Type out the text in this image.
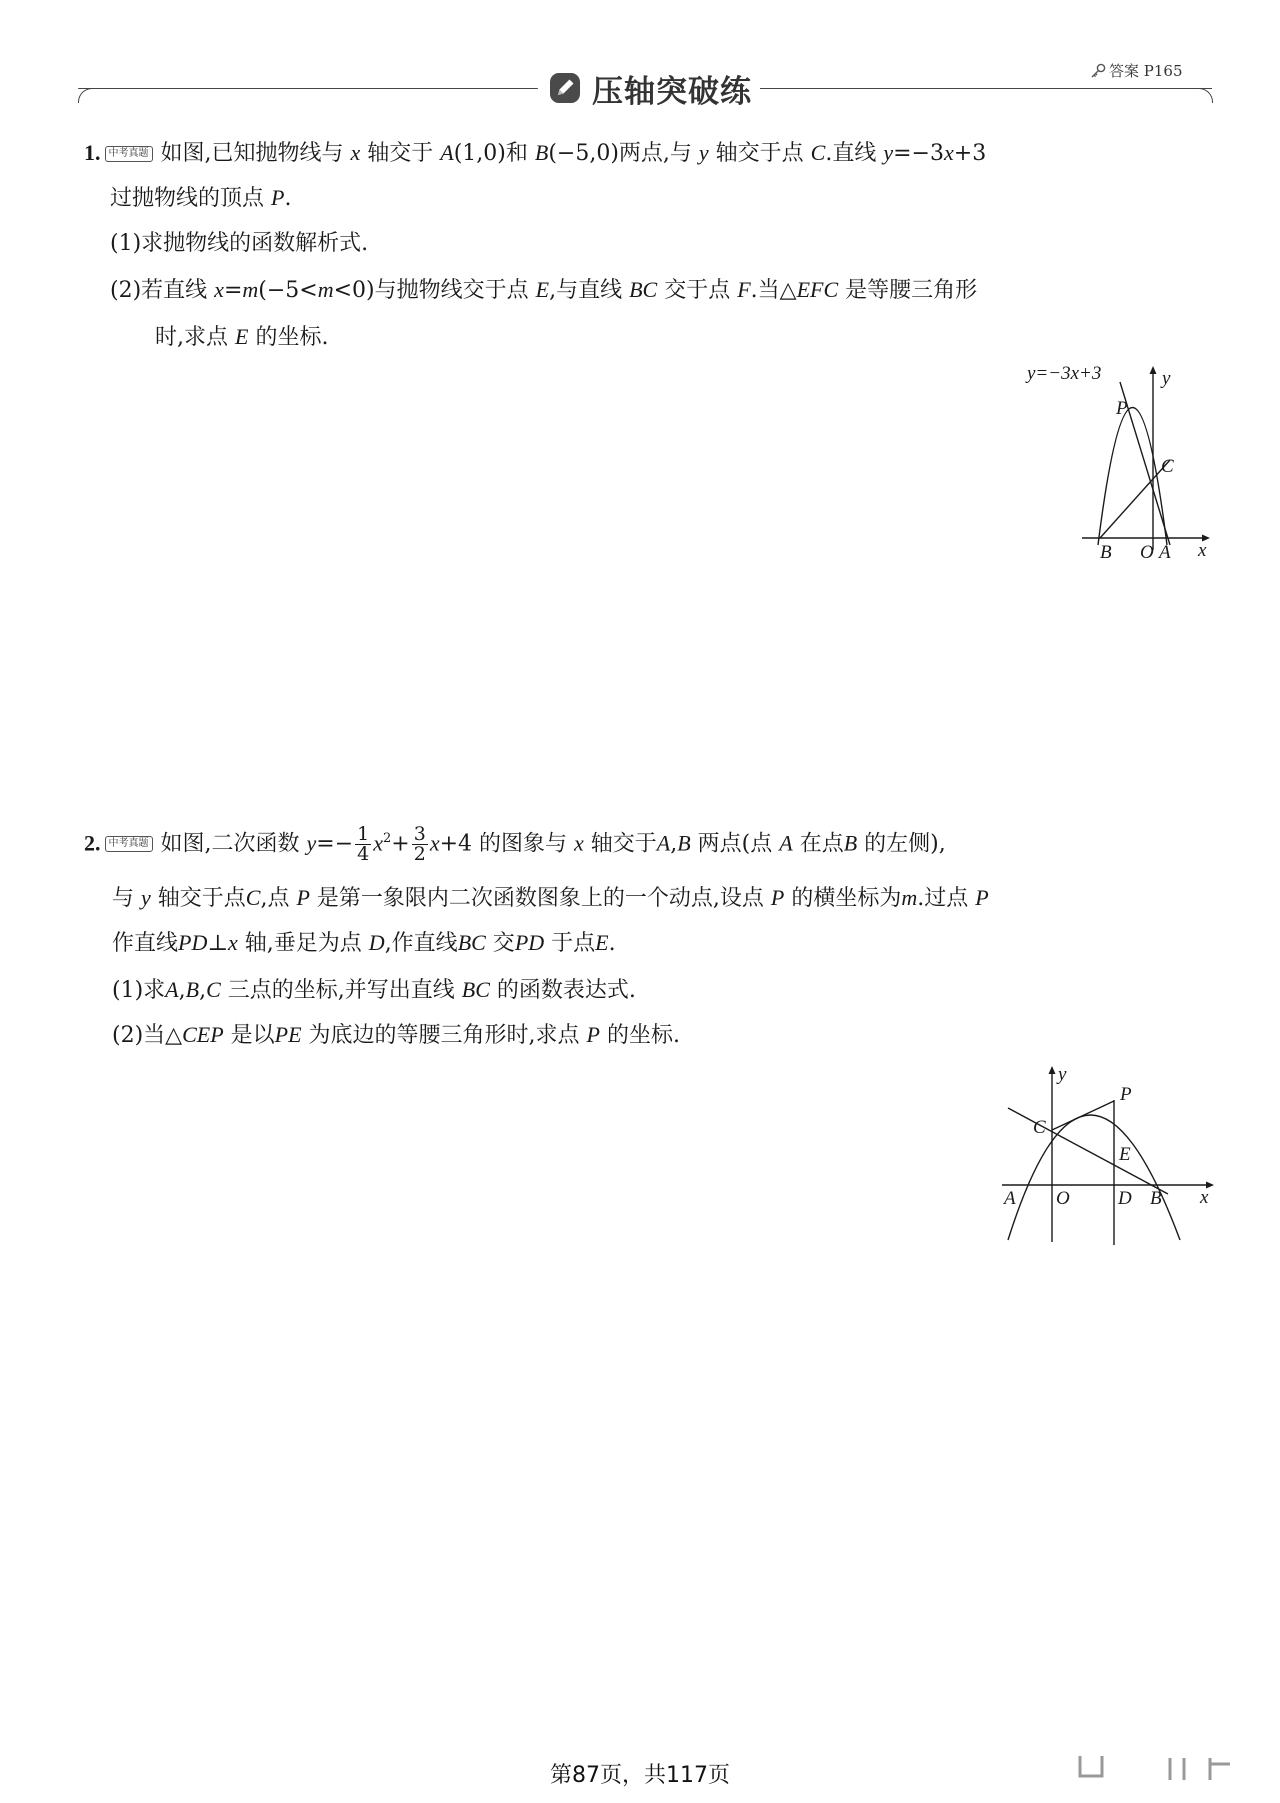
压轴突破练
答案 P165
1. 中考真题 如图,已知抛物线与 x 轴交于 A(1,0)和 B(−5,0)两点,与 y 轴交于点 C.直线 y=−3x+3
过抛物线的顶点 P.
(1)求抛物线的函数解析式.
(2)若直线 x=m(−5<m<0)与抛物线交于点 E,与直线 BC 交于点 F.当△EFC 是等腰三角形
时,求点 E 的坐标.
y=−3x+3	y
x
P
C
B O A
2. 中考真题 如图,二次函数 $y=- \frac{1}{4} x^2+ \frac{3}{2} x+4$ 的图象与 x 轴交于A,B 两点(点 A 在点B 的左侧),
与 y 轴交于点C,点 P 是第一象限内二次函数图象上的一个动点,设点 P 的横坐标为m.过点 P
作直线PD⊥x 轴,垂足为点 D,作直线BC 交PD 于点E.
(1)求A,B,C 三点的坐标,并写出直线 BC 的函数表达式.
(2)当△CEP 是以PE 为底边的等腰三角形时,求点 P 的坐标.
y
x
P
C
E
A O	D B
第87页，共117页
